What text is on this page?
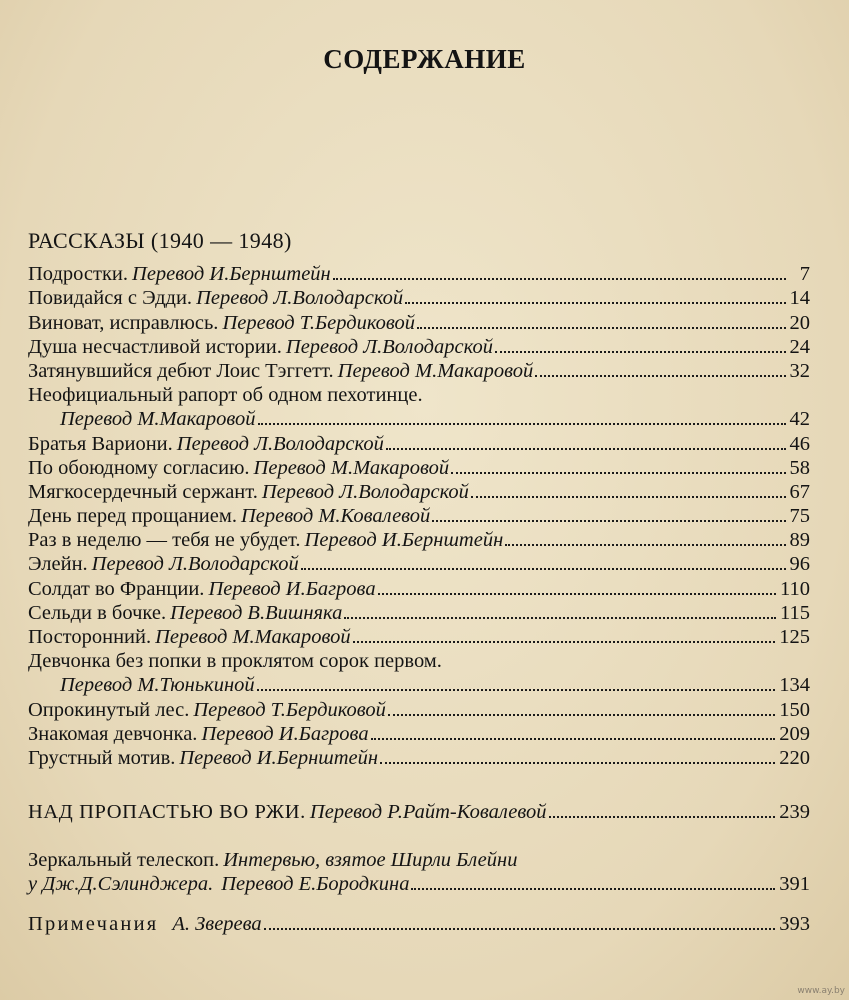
СОДЕРЖАНИЕ
РАССКАЗЫ (1940 — 1948)
Подростки. Перевод И.Бернштейн	7
Повидайся с Эдди. Перевод Л.Володарской	14
Виноват, исправлюсь. Перевод Т.Бердиковой	20
Душа несчастливой истории. Перевод Л.Володарской	24
Затянувшийся дебют Лоис Тэггетт. Перевод М.Макаровой	32
Неофициальный рапорт об одном пехотинце.
Перевод М.Макаровой	42
Братья Вариони. Перевод Л.Володарской	46
По обоюдному согласию. Перевод М.Макаровой	58
Мягкосердечный сержант. Перевод Л.Володарской	67
День перед прощанием. Перевод М.Ковалевой	75
Раз в неделю — тебя не убудет. Перевод И.Бернштейн	89
Элейн. Перевод Л.Володарской	96
Солдат во Франции. Перевод И.Багрова	110
Сельди в бочке. Перевод В.Вишняка	115
Посторонний. Перевод М.Макаровой	125
Девчонка без попки в проклятом сорок первом.
Перевод М.Тюнькиной	134
Опрокинутый лес. Перевод Т.Бердиковой	150
Знакомая девчонка. Перевод И.Багрова	209
Грустный мотив. Перевод И.Бернштейн	220
НАД ПРОПАСТЬЮ ВО РЖИ. Перевод Р.Райт-Ковалевой	239
Зеркальный телескоп. Интервью, взятое Ширли Блейни
у Дж.Д.Сэлинджера. Перевод Е.Бородкина	391
Примечания А. Зверева	393
www.ay.by
